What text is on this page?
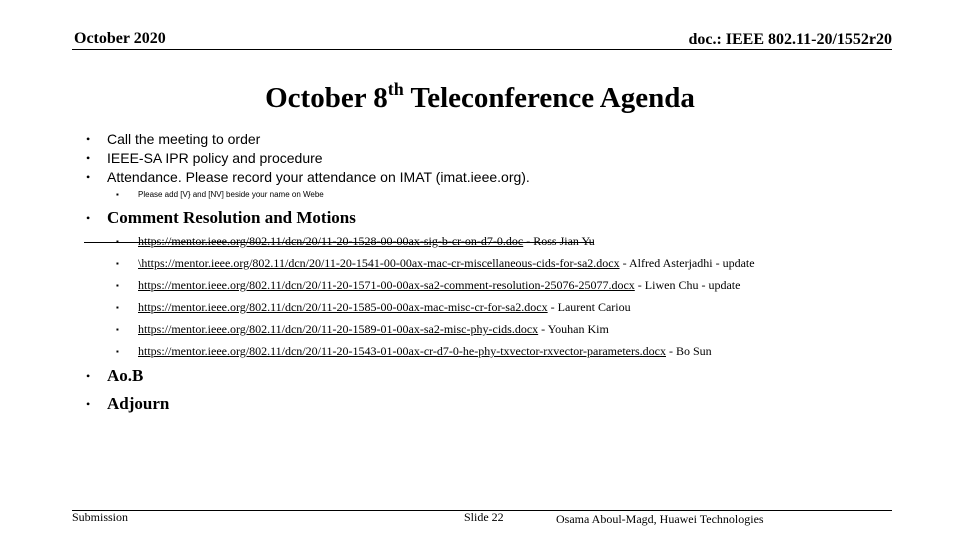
October 2020	doc.: IEEE 802.11-20/1552r20
October 8th Teleconference Agenda
• Call the meeting to order
• IEEE-SA IPR policy and procedure
• Attendance. Please record your attendance on IMAT (imat.ieee.org).
▪ Please add [V} and [NV] beside your name on Webe
• Comment Resolution and Motions
▪ https://mentor.ieee.org/802.11/dcn/20/11-20-1528-00-00ax-sig-b-cr-on-d7-0.doc - Ross Jian Yu
▪ \https://mentor.ieee.org/802.11/dcn/20/11-20-1541-00-00ax-mac-cr-miscellaneous-cids-for-sa2.docx - Alfred Asterjadhi - update
▪ https://mentor.ieee.org/802.11/dcn/20/11-20-1571-00-00ax-sa2-comment-resolution-25076-25077.docx - Liwen Chu - update
▪ https://mentor.ieee.org/802.11/dcn/20/11-20-1585-00-00ax-mac-misc-cr-for-sa2.docx - Laurent Cariou
▪ https://mentor.ieee.org/802.11/dcn/20/11-20-1589-01-00ax-sa2-misc-phy-cids.docx - Youhan Kim
▪ https://mentor.ieee.org/802.11/dcn/20/11-20-1543-01-00ax-cr-d7-0-he-phy-txvector-rxvector-parameters.docx - Bo Sun
• Ao.B
• Adjourn
Submission	Slide 22	Osama Aboul-Magd, Huawei Technologies
